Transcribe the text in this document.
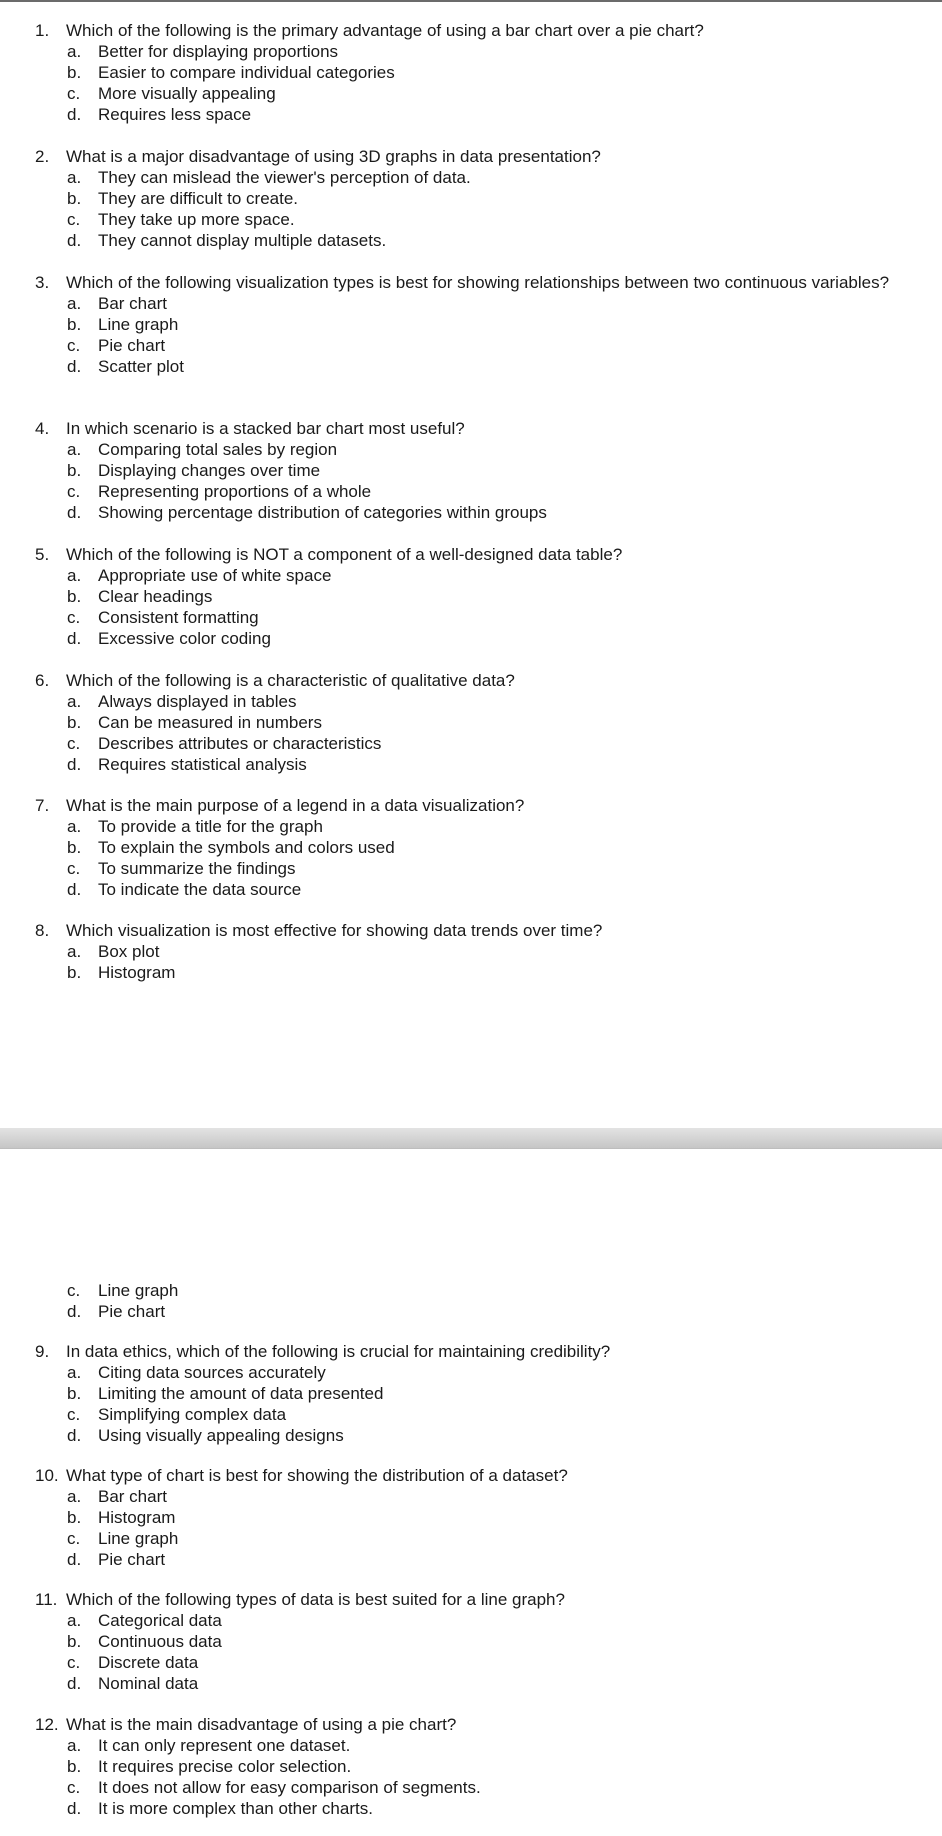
1. Which of the following is the primary advantage of using a bar chart over a pie chart?
a. Better for displaying proportions
b. Easier to compare individual categories
c. More visually appealing
d. Requires less space
2. What is a major disadvantage of using 3D graphs in data presentation?
a. They can mislead the viewer's perception of data.
b. They are difficult to create.
c. They take up more space.
d. They cannot display multiple datasets.
3. Which of the following visualization types is best for showing relationships between two continuous variables?
a. Bar chart
b. Line graph
c. Pie chart
d. Scatter plot
4. In which scenario is a stacked bar chart most useful?
a. Comparing total sales by region
b. Displaying changes over time
c. Representing proportions of a whole
d. Showing percentage distribution of categories within groups
5. Which of the following is NOT a component of a well-designed data table?
a. Appropriate use of white space
b. Clear headings
c. Consistent formatting
d. Excessive color coding
6. Which of the following is a characteristic of qualitative data?
a. Always displayed in tables
b. Can be measured in numbers
c. Describes attributes or characteristics
d. Requires statistical analysis
7. What is the main purpose of a legend in a data visualization?
a. To provide a title for the graph
b. To explain the symbols and colors used
c. To summarize the findings
d. To indicate the data source
8. Which visualization is most effective for showing data trends over time?
a. Box plot
b. Histogram
c. Line graph
d. Pie chart
9. In data ethics, which of the following is crucial for maintaining credibility?
a. Citing data sources accurately
b. Limiting the amount of data presented
c. Simplifying complex data
d. Using visually appealing designs
10. What type of chart is best for showing the distribution of a dataset?
a. Bar chart
b. Histogram
c. Line graph
d. Pie chart
11. Which of the following types of data is best suited for a line graph?
a. Categorical data
b. Continuous data
c. Discrete data
d. Nominal data
12. What is the main disadvantage of using a pie chart?
a. It can only represent one dataset.
b. It requires precise color selection.
c. It does not allow for easy comparison of segments.
d. It is more complex than other charts.
